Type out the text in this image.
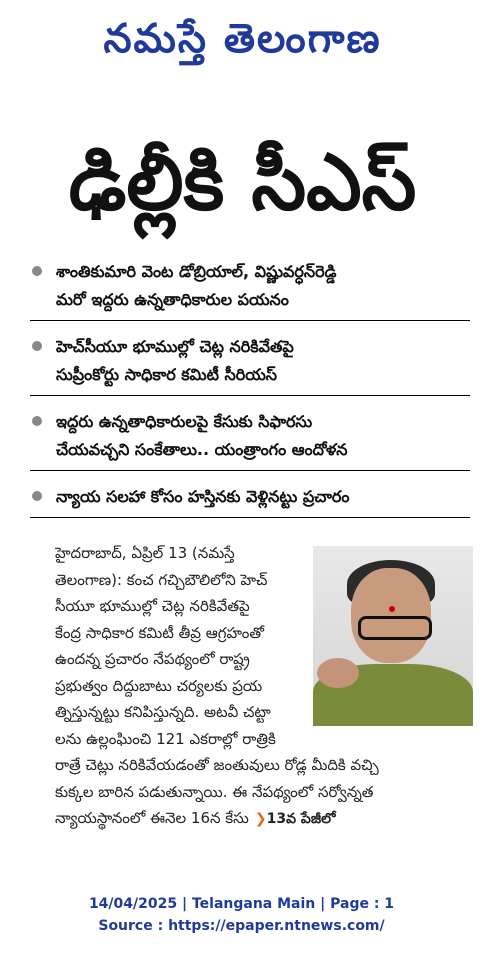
నమస్తే తెలంగాణ
ఢిల్లీకి సీఎస్
శాంతికుమారి వెంట డోబ్రియాల్, విష్ణువర్ధన్‌రెడ్డి
మరో ఇద్దరు ఉన్నతాధికారుల పయనం
హెచ్‌సీయూ భూముల్లో చెట్ల నరికివేతపై
సుప్రీంకోర్టు సాధికార కమిటీ సీరియస్
ఇద్దరు ఉన్నతాధికారులపై కేసుకు సిఫారసు
చేయవచ్చని సంకేతాలు.. యంత్రాంగం ఆందోళన
న్యాయ సలహా కోసం హస్తినకు వెళ్లినట్టు ప్రచారం

హైదరాబాద్, ఏప్రిల్ 13 (నమస్తే

తెలంగాణ): కంచ గచ్చిబౌలిలోని హెచ్

సీయూ భూముల్లో చెట్ల నరికివేతపై

కేంద్ర సాధికార కమిటీ తీవ్ర ఆగ్రహంతో

ఉందన్న ప్రచారం నేపథ్యంలో రాష్ట్ర

ప్రభుత్వం దిద్దుబాటు చర్యలకు ప్రయ

త్నిస్తున్నట్టు కనిపిస్తున్నది. అటవీ చట్టా

లను ఉల్లంఘించి 121 ఎకరాల్లో రాత్రికి

రాత్రే చెట్లు నరికివేయడంతో జంతువులు రోడ్ల మీదికి వచ్చి

కుక్కల బారిన పడుతున్నాయి. ఈ నేపథ్యంలో సర్వోన్నత

న్యాయస్థానంలో ఈనెల 16న కేసు ❯13వ పేజీలో

14/04/2025 | Telangana Main | Page : 1
Source : https://epaper.ntnews.com/
